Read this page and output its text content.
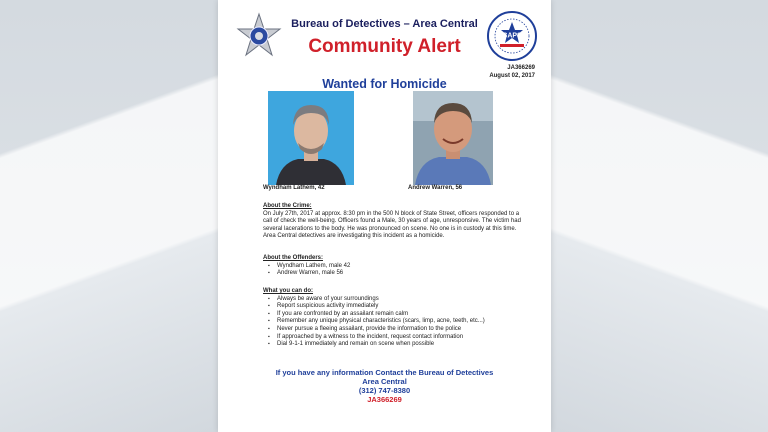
CAPS
Bureau of Detectives – Area Central
Community Alert
JA366269
August 02, 2017
Wanted for Homicide
Wyndham Lathem, 42	Andrew Warren, 56
About the Crime:
On July 27th, 2017 at approx. 8:30 pm in the 500 N block of State Street, officers responded to a call of check the well-being. Officers found a Male, 30 years of age, unresponsive. The victim had several lacerations to the body. He was pronounced on scene. No one is in custody at this time. Area Central detectives are investigating this incident as a homicide.
About the Offenders:
▪ Wyndham Lathem, male 42
▪ Andrew Warren, male 56
What you can do:
▪ Always be aware of your surroundings
▪ Report suspicious activity immediately
▪ If you are confronted by an assailant remain calm
▪ Remember any unique physical characteristics (scars, limp, acne, teeth, etc...)
▪ Never pursue a fleeing assailant, provide the information to the police
▪ If approached by a witness to the incident, request contact information
▪ Dial 9-1-1 immediately and remain on scene when possible
If you have any information Contact the Bureau of Detectives
Area Central
(312) 747-8380
JA366269
